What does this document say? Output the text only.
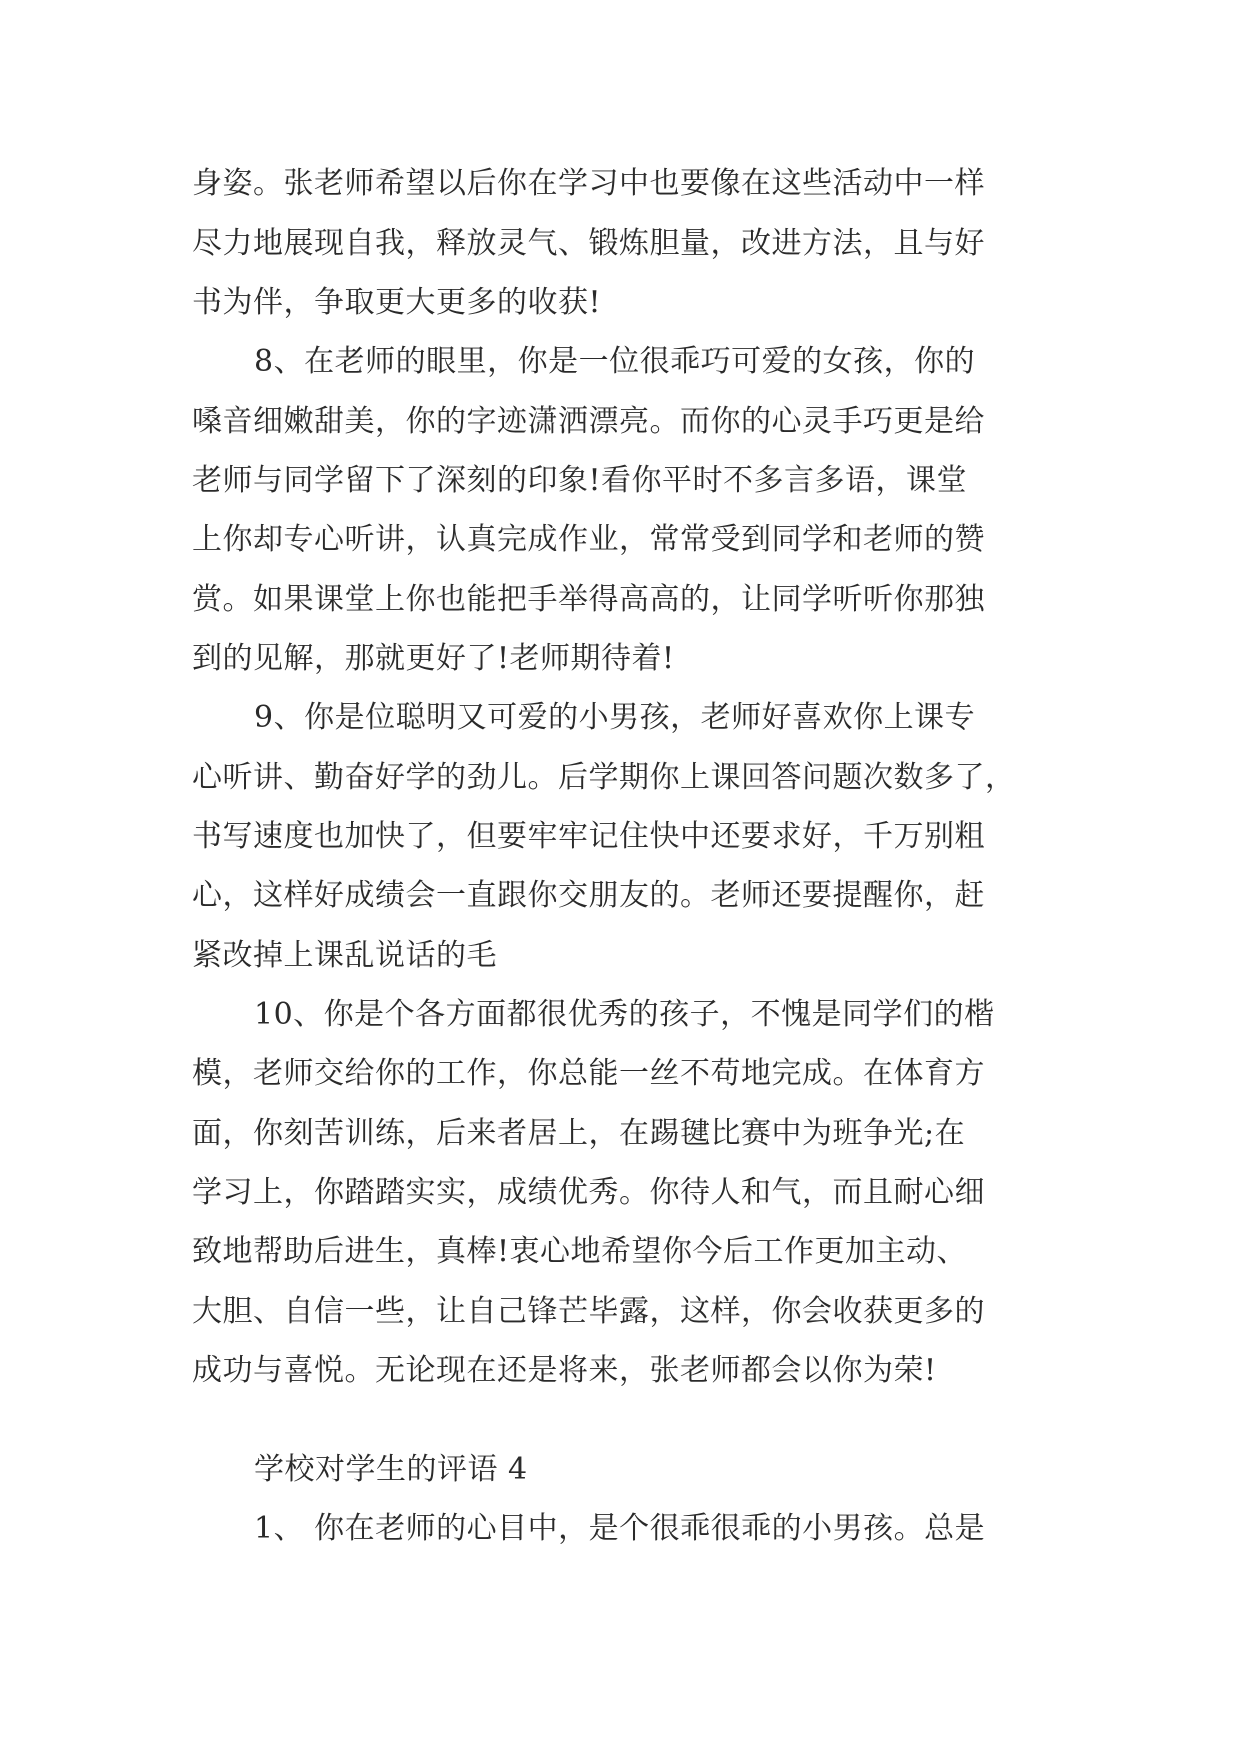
身姿。张老师希望以后你在学习中也要像在这些活动中一样
尽力地展现自我，释放灵气、锻炼胆量，改进方法，且与好
书为伴，争取更大更多的收获!
8、在老师的眼里，你是一位很乖巧可爱的女孩，你的
嗓音细嫩甜美，你的字迹潇洒漂亮。而你的心灵手巧更是给
老师与同学留下了深刻的印象!看你平时不多言多语，课堂
上你却专心听讲，认真完成作业，常常受到同学和老师的赞
赏。如果课堂上你也能把手举得高高的，让同学听听你那独
到的见解，那就更好了!老师期待着!
9、你是位聪明又可爱的小男孩，老师好喜欢你上课专
心听讲、勤奋好学的劲儿。后学期你上课回答问题次数多了，
书写速度也加快了，但要牢牢记住快中还要求好，千万别粗
心，这样好成绩会一直跟你交朋友的。老师还要提醒你，赶
紧改掉上课乱说话的毛
10、你是个各方面都很优秀的孩子，不愧是同学们的楷
模，老师交给你的工作，你总能一丝不苟地完成。在体育方
面，你刻苦训练，后来者居上，在踢毽比赛中为班争光;在
学习上，你踏踏实实，成绩优秀。你待人和气，而且耐心细
致地帮助后进生，真棒!衷心地希望你今后工作更加主动、
大胆、自信一些，让自己锋芒毕露，这样，你会收获更多的
成功与喜悦。无论现在还是将来，张老师都会以你为荣!
学校对学生的评语 4
1、 你在老师的心目中，是个很乖很乖的小男孩。总是
